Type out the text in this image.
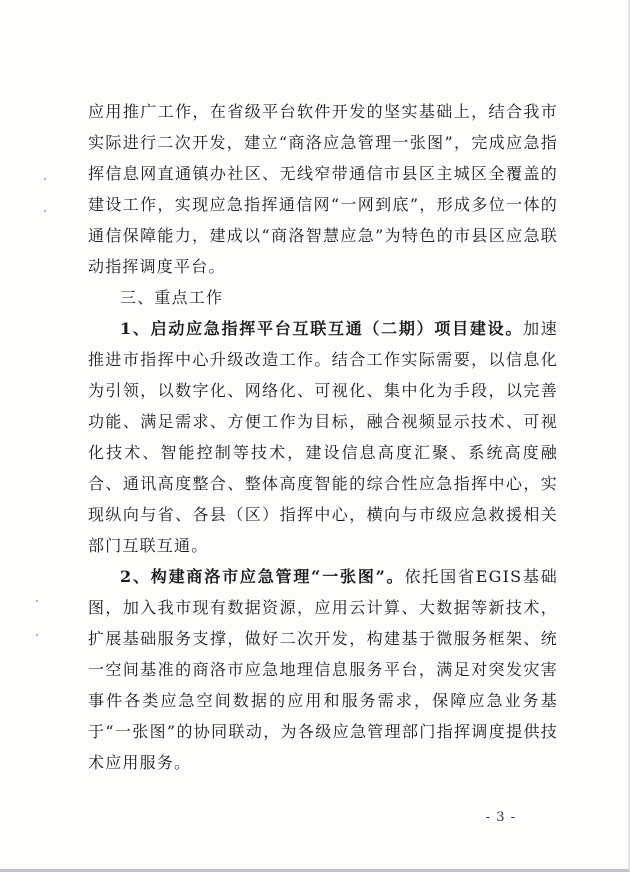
应用推广工作，在省级平台软件开发的坚实基础上，结合我市实际进行二次开发，建立“商洛应急管理一张图”，完成应急指挥信息网直通镇办社区、无线窄带通信市县区主城区全覆盖的建设工作，实现应急指挥通信网“一网到底”，形成多位一体的通信保障能力，建成以“商洛智慧应急”为特色的市县区应急联动指挥调度平台。

三、重点工作

1、启动应急指挥平台互联互通（二期）项目建设。加速推进市指挥中心升级改造工作。结合工作实际需要，以信息化为引领，以数字化、网络化、可视化、集中化为手段，以完善功能、满足需求、方便工作为目标，融合视频显示技术、可视化技术、智能控制等技术，建设信息高度汇聚、系统高度融合、通讯高度整合、整体高度智能的综合性应急指挥中心，实现纵向与省、各县（区）指挥中心，横向与市级应急救援相关部门互联互通。

2、构建商洛市应急管理“一张图”。依托国省EGIS基础图，加入我市现有数据资源，应用云计算、大数据等新技术，扩展基础服务支撑，做好二次开发，构建基于微服务框架、统一空间基准的商洛市应急地理信息服务平台，满足对突发灾害事件各类应急空间数据的应用和服务需求，保障应急业务基于“一张图”的协同联动，为各级应急管理部门指挥调度提供技术应用服务。

- 3 -
